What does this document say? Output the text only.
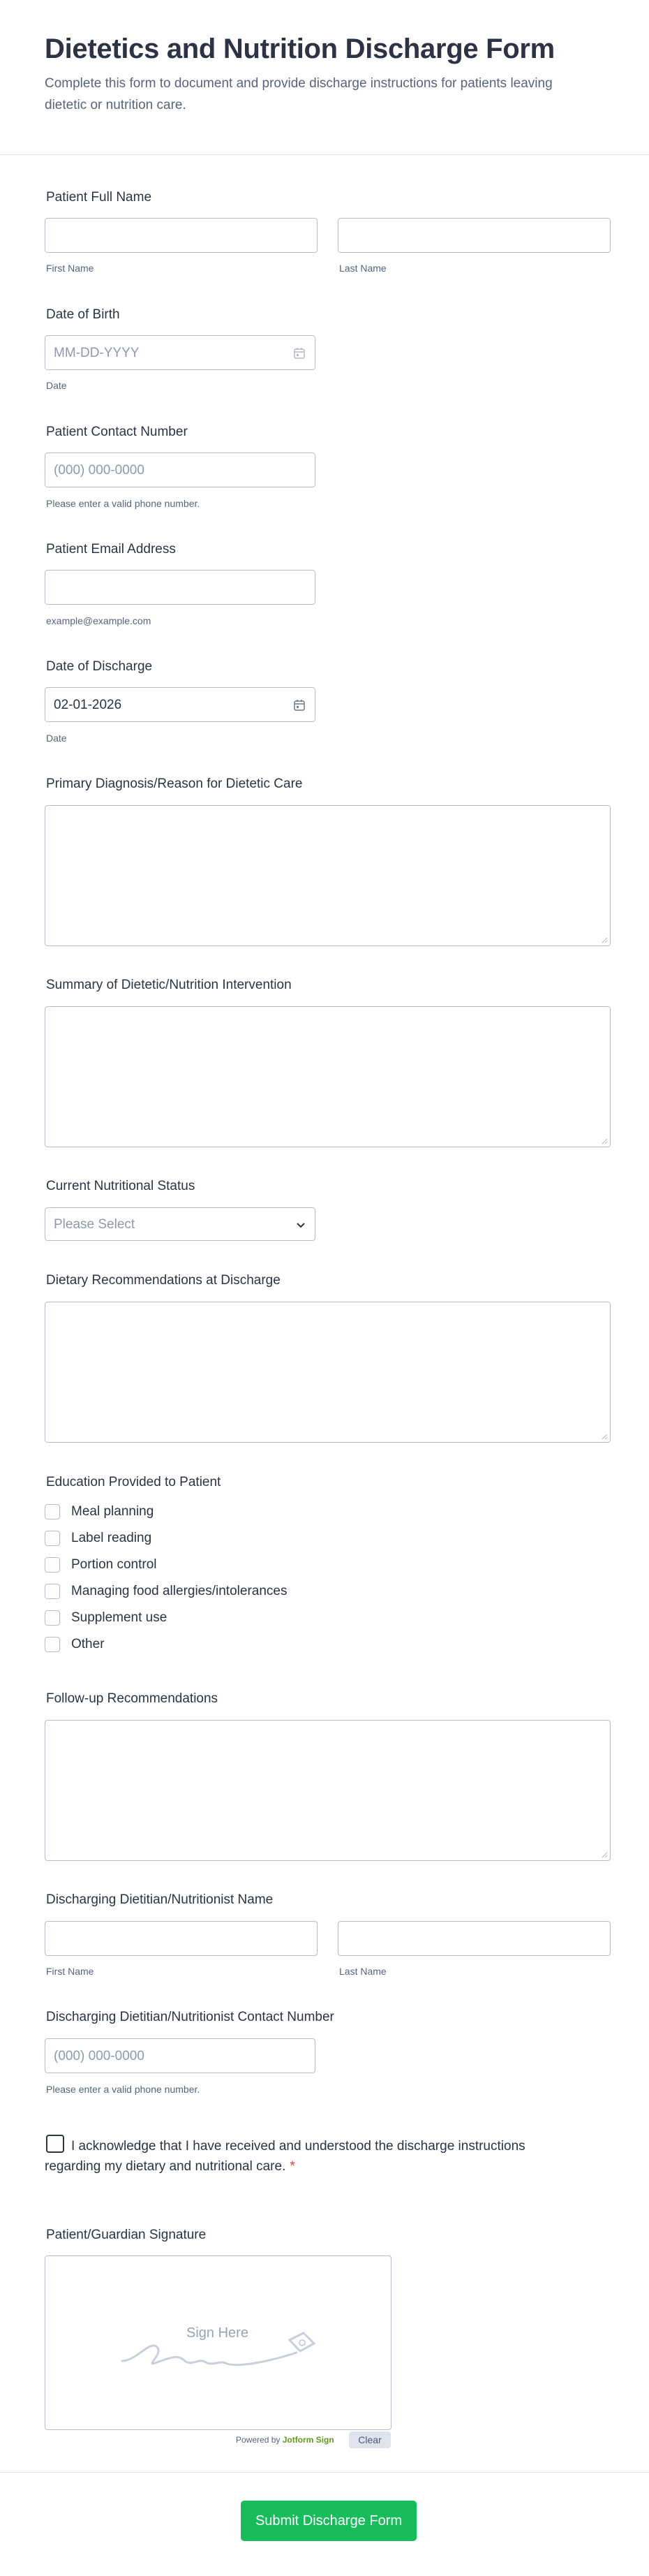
Dietetics and Nutrition Discharge Form
Complete this form to document and provide discharge instructions for patients leaving dietetic or nutrition care.
Patient Full Name
First Name	Last Name
Date of Birth
MM-DD-YYYY
Date
Patient Contact Number
(000) 000-0000
Please enter a valid phone number.
Patient Email Address
example@example.com
Date of Discharge
02-01-2026
Date
Primary Diagnosis/Reason for Dietetic Care
Summary of Dietetic/Nutrition Intervention
Current Nutritional Status
Please Select
Dietary Recommendations at Discharge
Education Provided to Patient
Meal planning
Label reading
Portion control
Managing food allergies/intolerances
Supplement use
Other
Follow-up Recommendations
Discharging Dietitian/Nutritionist Name
First Name	Last Name
Discharging Dietitian/Nutritionist Contact Number
(000) 000-0000
Please enter a valid phone number.
I acknowledge that I have received and understood the discharge instructions regarding my dietary and nutritional care. *
Patient/Guardian Signature
Sign Here
Powered by Jotform Sign	Clear
Submit Discharge Form
